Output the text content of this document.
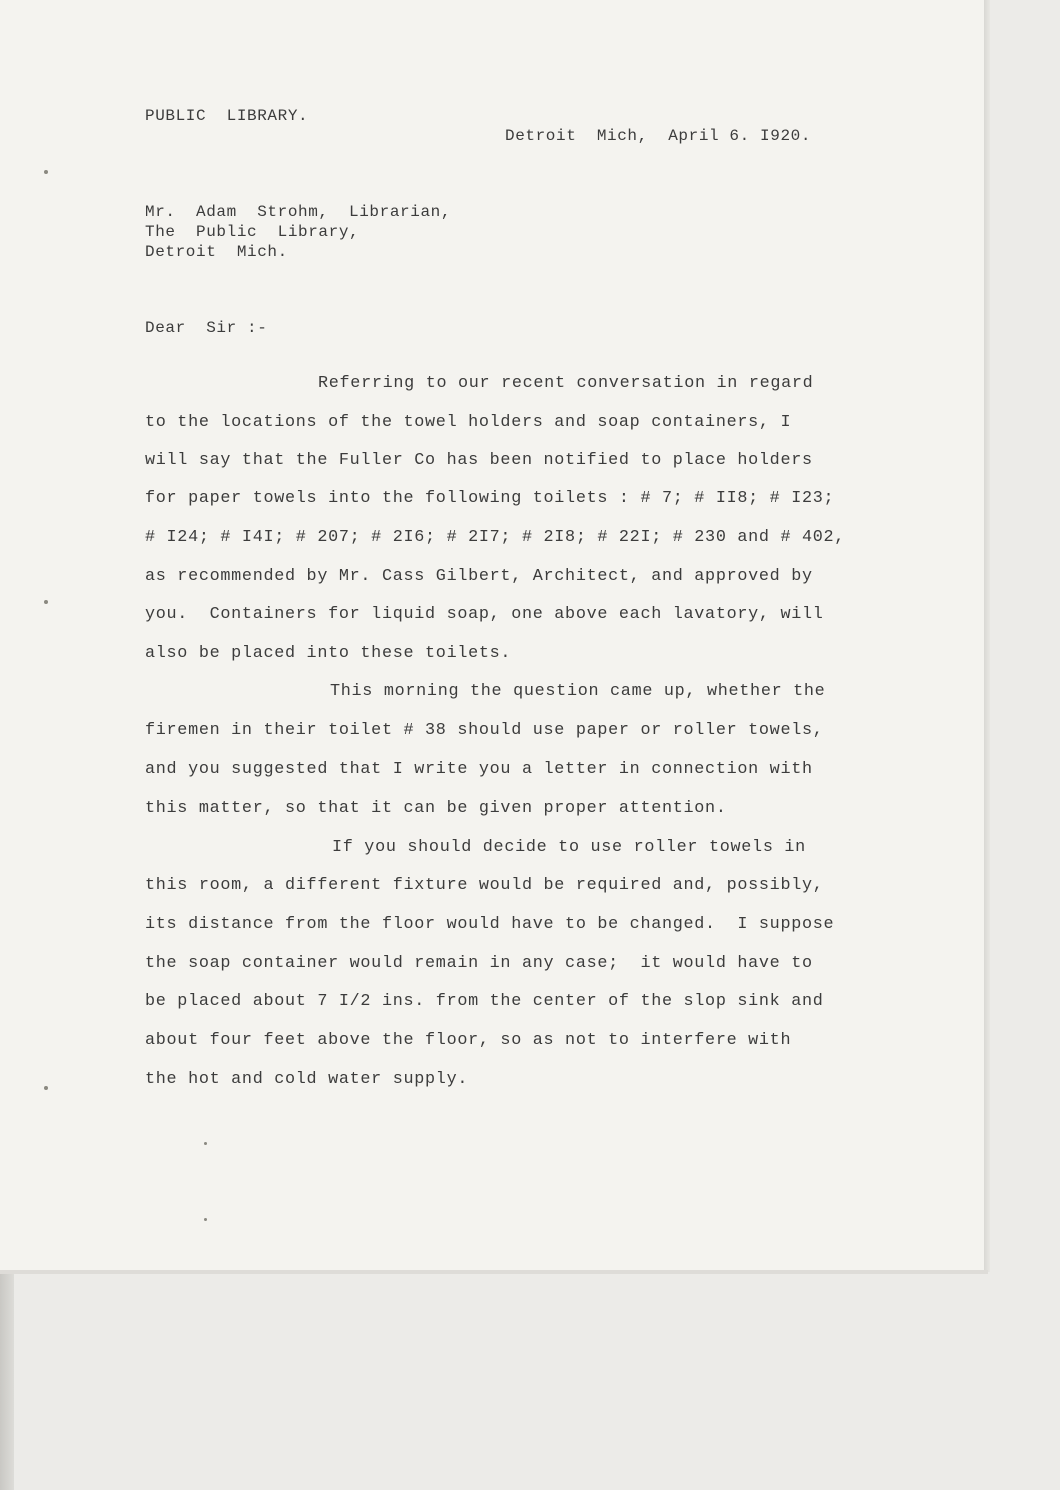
PUBLIC  LIBRARY.
Detroit  Mich,  April 6. I920.
Mr.  Adam  Strohm,  Librarian,
The  Public  Library,
Detroit  Mich.
Dear  Sir :-
Referring to our recent conversation in regard
to the locations of the towel holders and soap containers, I
will say that the Fuller Co has been notified to place holders
for paper towels into the following toilets : # 7; # II8; # I23;
# I24; # I4I; # 207; # 2I6; # 2I7; # 2I8; # 22I; # 230 and # 402,
as recommended by Mr. Cass Gilbert, Architect, and approved by
you.  Containers for liquid soap, one above each lavatory, will
also be placed into these toilets.
This morning the question came up, whether the
firemen in their toilet # 38 should use paper or roller towels,
and you suggested that I write you a letter in connection with
this matter, so that it can be given proper attention.
If you should decide to use roller towels in
this room, a different fixture would be required and, possibly,
its distance from the floor would have to be changed.  I suppose
the soap container would remain in any case;  it would have to
be placed about 7 I/2 ins. from the center of the slop sink and
about four feet above the floor, so as not to interfere with
the hot and cold water supply.
